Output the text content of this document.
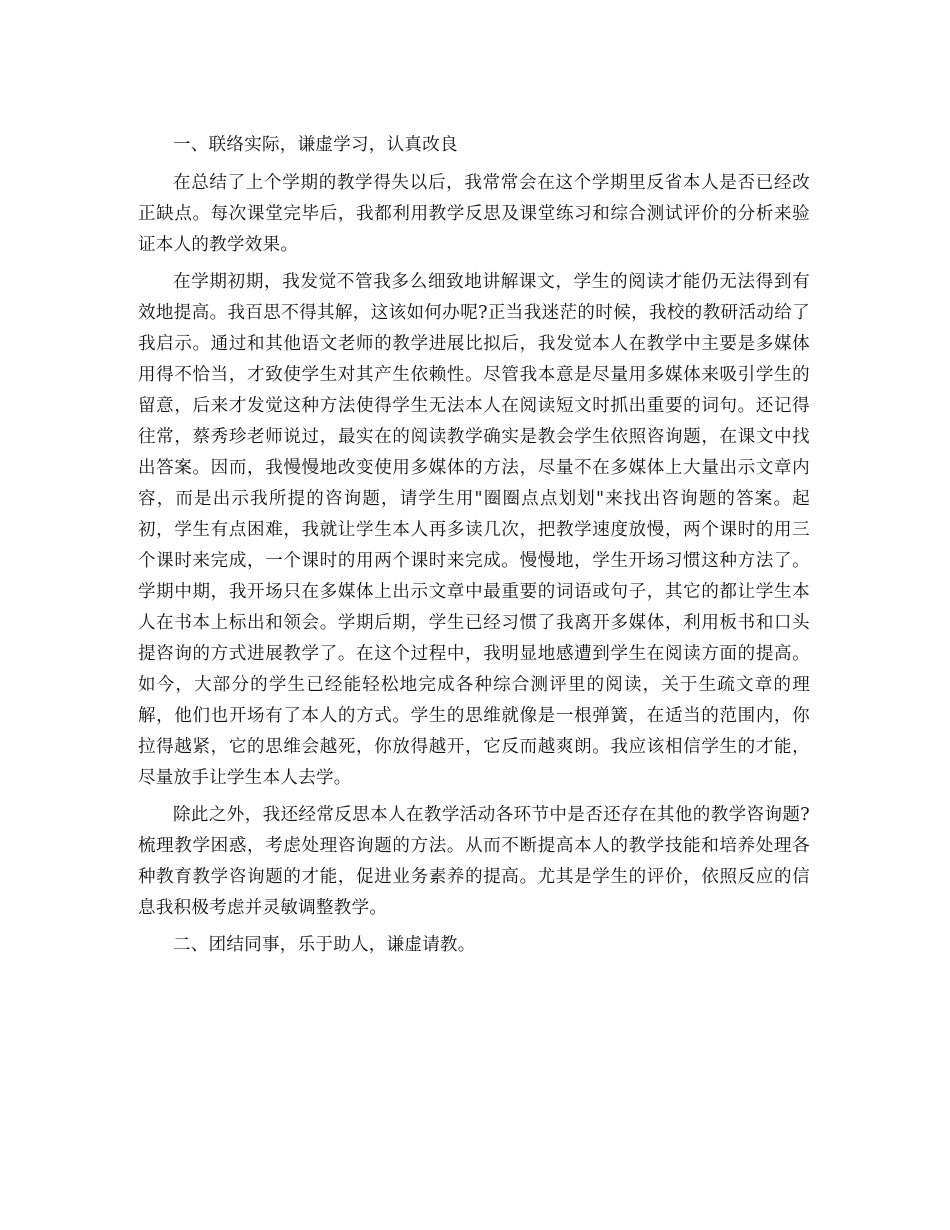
一、联络实际，谦虚学习，认真改良

在总结了上个学期的教学得失以后，我常常会在这个学期里反省本人是否已经改正缺点。每次课堂完毕后，我都利用教学反思及课堂练习和综合测试评价的分析来验证本人的教学效果。

在学期初期，我发觉不管我多么细致地讲解课文，学生的阅读才能仍无法得到有效地提高。我百思不得其解，这该如何办呢?正当我迷茫的时候，我校的教研活动给了我启示。通过和其他语文老师的教学进展比拟后，我发觉本人在教学中主要是多媒体用得不恰当，才致使学生对其产生依赖性。尽管我本意是尽量用多媒体来吸引学生的留意，后来才发觉这种方法使得学生无法本人在阅读短文时抓出重要的词句。还记得往常，蔡秀珍老师说过，最实在的阅读教学确实是教会学生依照咨询题，在课文中找出答案。因而，我慢慢地改变使用多媒体的方法，尽量不在多媒体上大量出示文章内容，而是出示我所提的咨询题，请学生用"圈圈点点划划"来找出咨询题的答案。起初，学生有点困难，我就让学生本人再多读几次，把教学速度放慢，两个课时的用三个课时来完成，一个课时的用两个课时来完成。慢慢地，学生开场习惯这种方法了。学期中期，我开场只在多媒体上出示文章中最重要的词语或句子，其它的都让学生本人在书本上标出和领会。学期后期，学生已经习惯了我离开多媒体，利用板书和口头提咨询的方式进展教学了。在这个过程中，我明显地感遭到学生在阅读方面的提高。如今，大部分的学生已经能轻松地完成各种综合测评里的阅读，关于生疏文章的理解，他们也开场有了本人的方式。学生的思维就像是一根弹簧，在适当的范围内，你拉得越紧，它的思维会越死，你放得越开，它反而越爽朗。我应该相信学生的才能，尽量放手让学生本人去学。

除此之外，我还经常反思本人在教学活动各环节中是否还存在其他的教学咨询题?梳理教学困惑，考虑处理咨询题的方法。从而不断提高本人的教学技能和培养处理各种教育教学咨询题的才能，促进业务素养的提高。尤其是学生的评价，依照反应的信息我积极考虑并灵敏调整教学。

二、团结同事，乐于助人，谦虚请教。
